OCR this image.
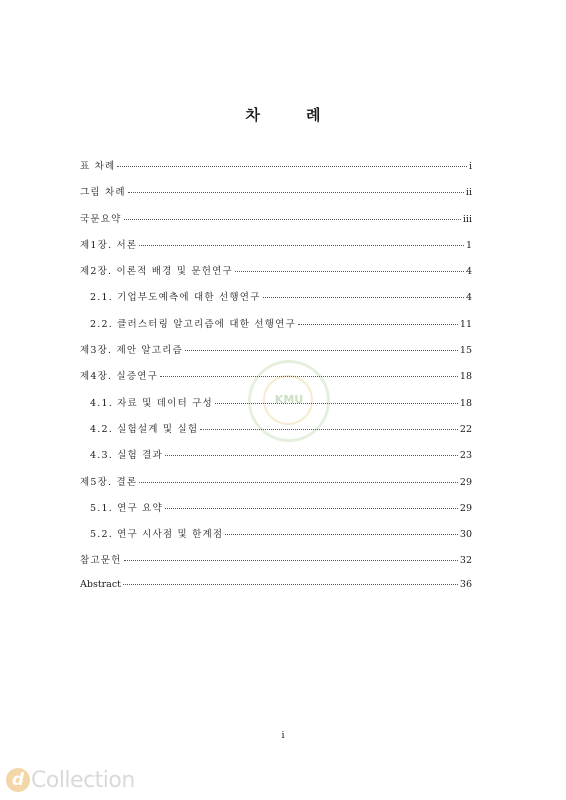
차	례
KMU
표 차례	i
그림 차례	ii
국문요약	iii
제1장. 서론	1
제2장. 이론적 배경 및 문헌연구	4
2.1. 기업부도예측에 대한 선행연구	4
2.2. 클러스터링 알고리즘에 대한 선행연구	11
제3장. 제안 알고리즘	15
제4장. 실증연구	18
4.1. 자료 및 데이터 구성	18
4.2. 실험설계 및 실험	22
4.3. 실험 결과	23
제5장. 결론	29
5.1. 연구 요약	29
5.2. 연구 시사점 및 한계점	30
참고문헌	32
Abstract	36
i
d Collection
